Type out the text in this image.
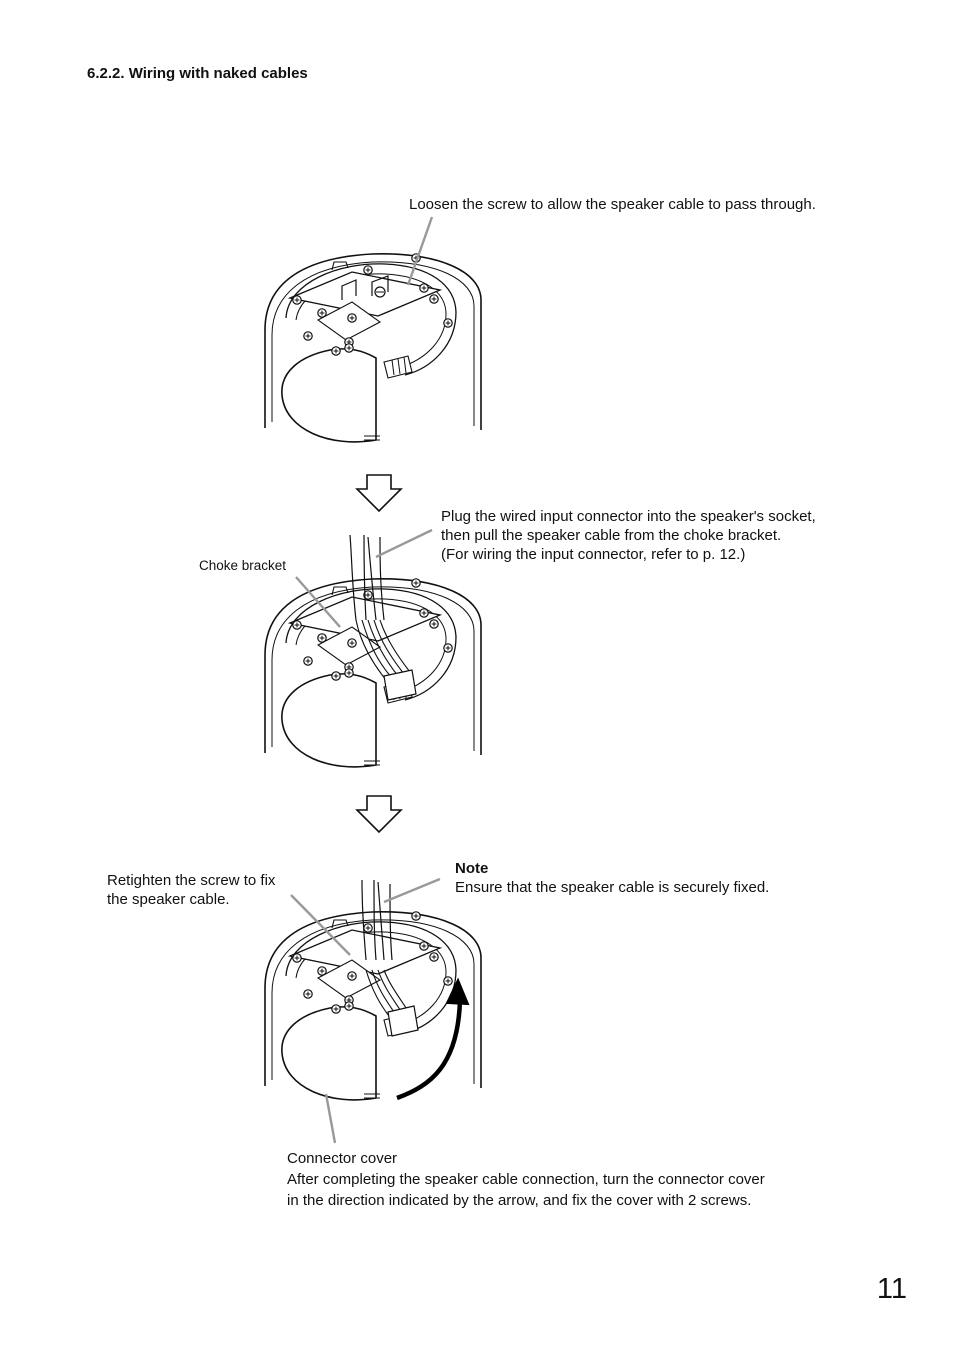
6.2.2. Wiring with naked cables
Loosen the screw to allow the speaker cable to pass through.
Plug the wired input connector into the speaker's socket,
then pull the speaker cable from the choke bracket.
(For wiring the input connector, refer to p. 12.)
Choke bracket
Retighten the screw to fix
the speaker cable.
Note
Ensure that the speaker cable is securely fixed.
Connector cover
After completing the speaker cable connection, turn the connector cover
in the direction indicated by the arrow, and fix the cover with 2 screws.
11
